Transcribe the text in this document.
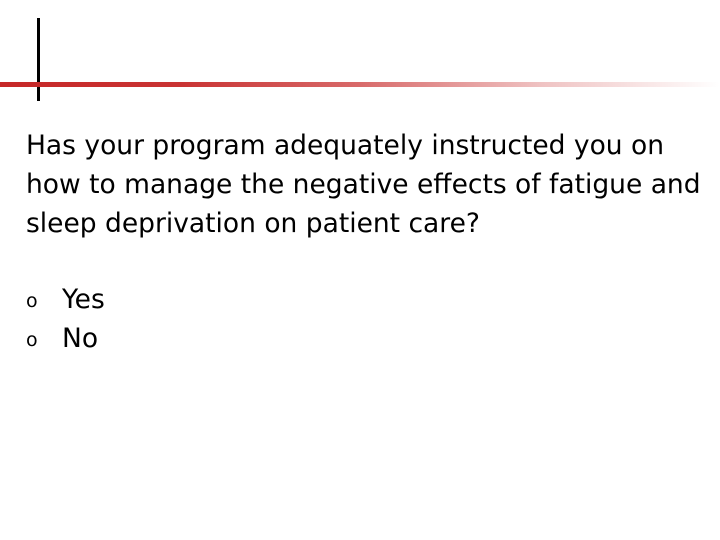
Has your program adequately instructed you on how to manage the negative effects of fatigue and sleep deprivation on patient care?

o Yes
o No
